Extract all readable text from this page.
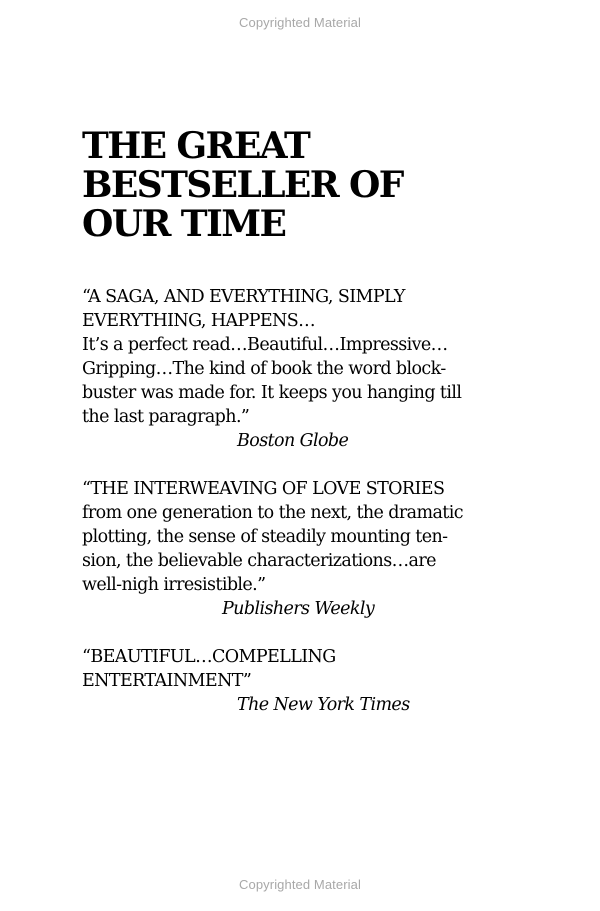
Copyrighted Material
THE GREAT
BESTSELLER OF
OUR TIME
“A SAGA, AND EVERYTHING, SIMPLY
EVERYTHING, HAPPENS…
It’s a perfect read…Beautiful…Impressive…
Gripping…The kind of book the word block-
buster was made for. It keeps you hanging till
the last paragraph.”
Boston Globe
“THE INTERWEAVING OF LOVE STORIES
from one generation to the next, the dramatic
plotting, the sense of steadily mounting ten-
sion, the believable characterizations…are
well-nigh irresistible.”
Publishers Weekly
“BEAUTIFUL…COMPELLING
ENTERTAINMENT”
The New York Times
Copyrighted Material
